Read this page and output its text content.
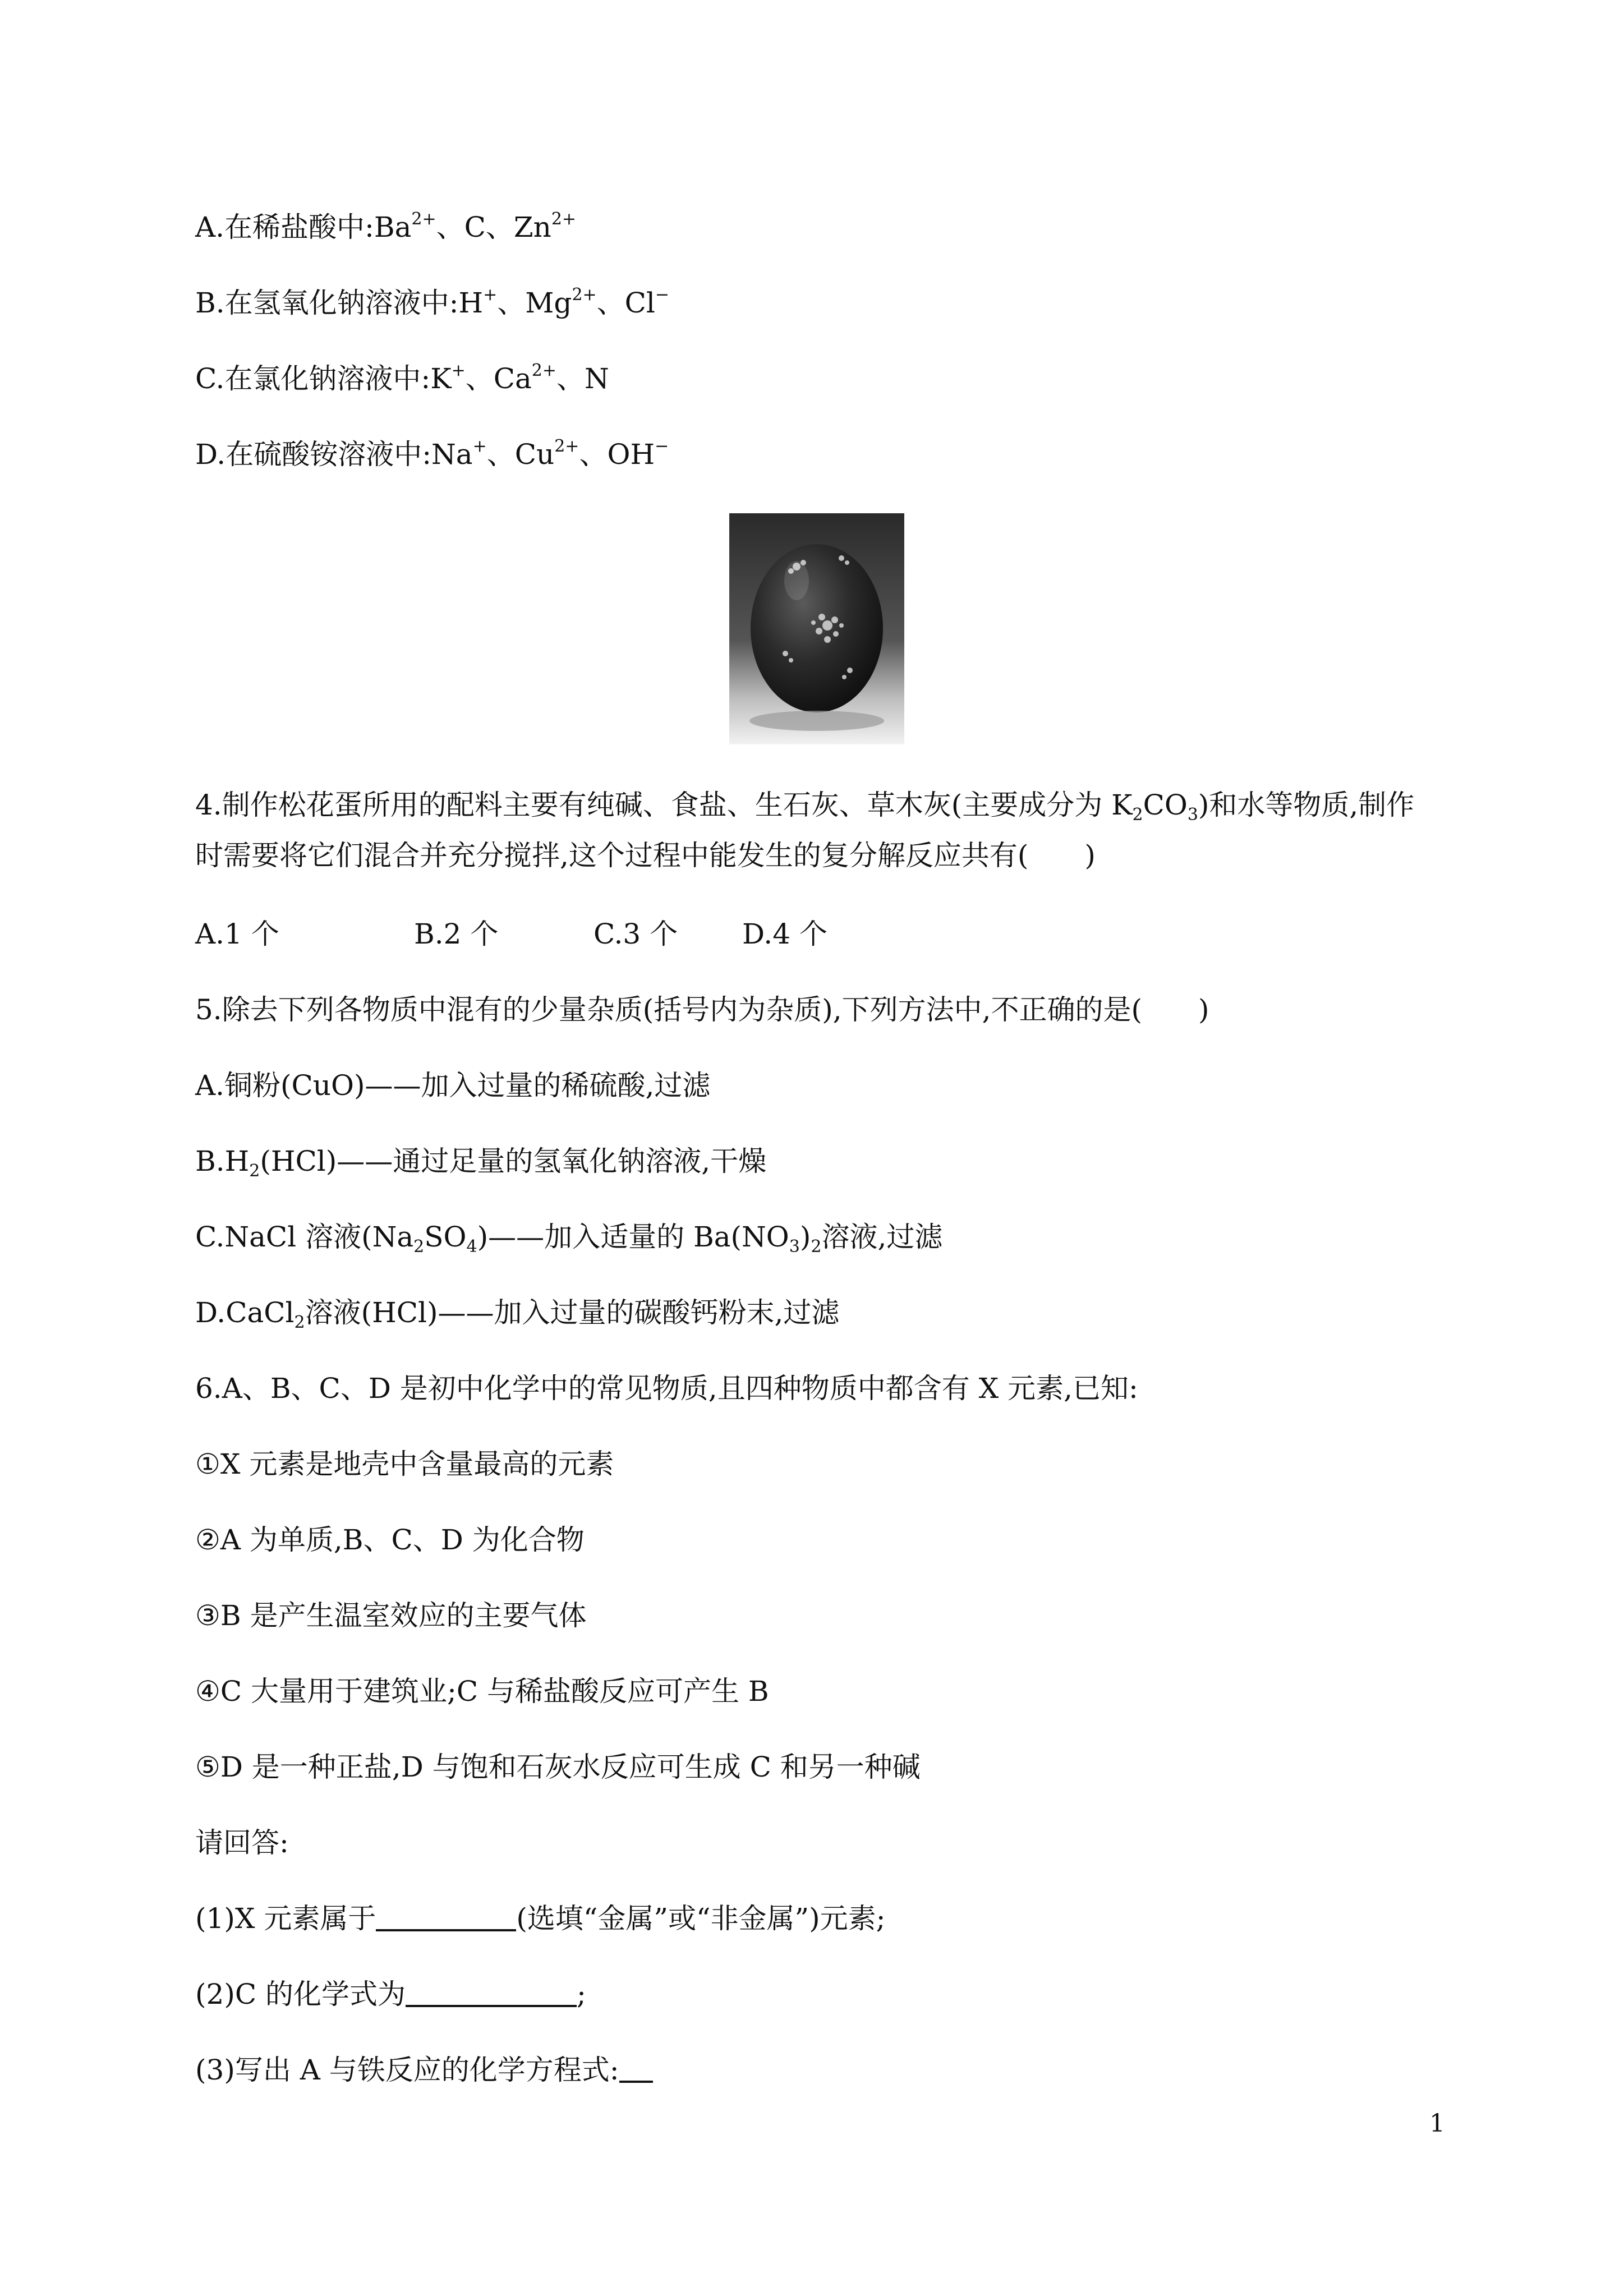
A.在稀盐酸中$:Ba^{2+}$、C、$Zn^{2+}$
B.在氢氧化钠溶液中:H+、$Mg^{2+}$、Cl−
C.在氯化钠溶液中:K+、$Ca^{2+}$、N
D.在硫酸铵溶液中:Na+、$Cu^{2+}$、OH−
4.制作松花蛋所用的配料主要有纯碱、食盐、生石灰、草木灰(主要成分为 $K_2CO_3$)和水等物质,制作
时需要将它们混合并充分搅拌,这个过程中能发生的复分解反应共有(　　)
A.1 个	B.2 个	C.3 个 D.4 个
5.除去下列各物质中混有的少量杂质(括号内为杂质),下列方法中,不正确的是(　　)
A.铜粉(CuO)——加入过量的稀硫酸,过滤
$B.H_2(HCl)——$通过足量的氢氧化钠溶液,干燥
C.NaCl 溶液$(Na_2SO_4)——$加入适量的 $Ba(NO_3)_2$溶液,过滤
D.CaCl$_2$溶液(HCl)——加入过量的碳酸钙粉末,过滤
6.A、B、C、D 是初中化学中的常见物质,且四种物质中都含有 X 元素,已知:
①X 元素是地壳中含量最高的元素
②A 为单质,B、C、D 为化合物
③B 是产生温室效应的主要气体
④C 大量用于建筑业;C 与稀盐酸反应可产生 B
⑤D 是一种正盐,D 与饱和石灰水反应可生成 C 和另一种碱
请回答:
(1)X 元素属于	(选填“金属”或“非金属”)元素;
(2)C 的化学式为	;
(3)写出 A 与铁反应的化学方程式:
1
